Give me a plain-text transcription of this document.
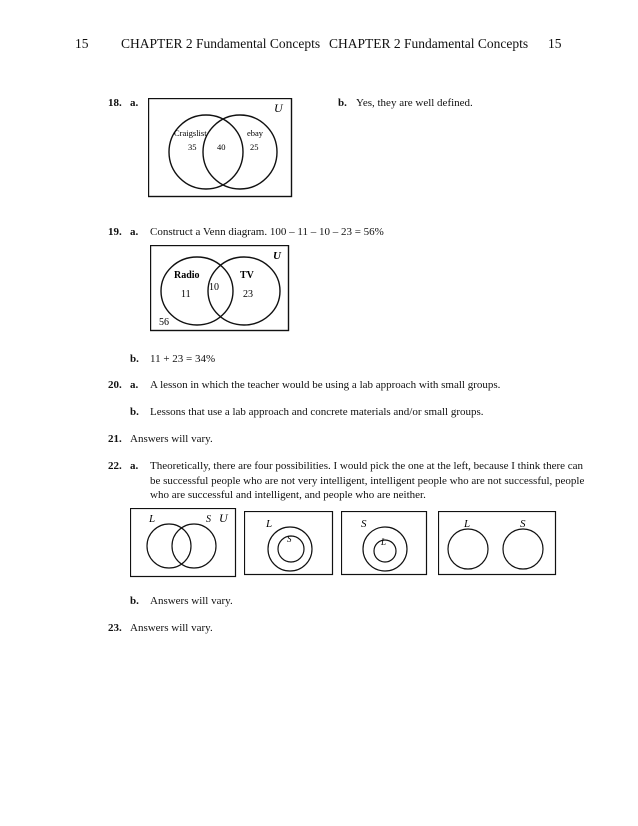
15 CHAPTER 2 Fundamental Concepts CHAPTER 2 Fundamental Concepts 15
18. a.	U
Craigslist	ebay
35 40	25
b. Yes, they are well defined.
19. a. Construct a Venn diagram. 100 – 11 – 10 – 23 = 56%
U
Radio	TV
10
11	23
56
b. 11 + 23 = 34%
20. a. A lesson in which the teacher would be using a lab approach with small groups.
b. Lessons that use a lab approach and concrete materials and/or small groups.
21. Answers will vary.
22. a. Theoretically, there are four possibilities. I would pick the one at the left, because I think there can
be successful people who are not very intelligent, intelligent people who are not successful, people
who are successful and intelligent, and people who are neither.
L	S U	L
S
S
L
L	S
b. Answers will vary.
23. Answers will vary.
